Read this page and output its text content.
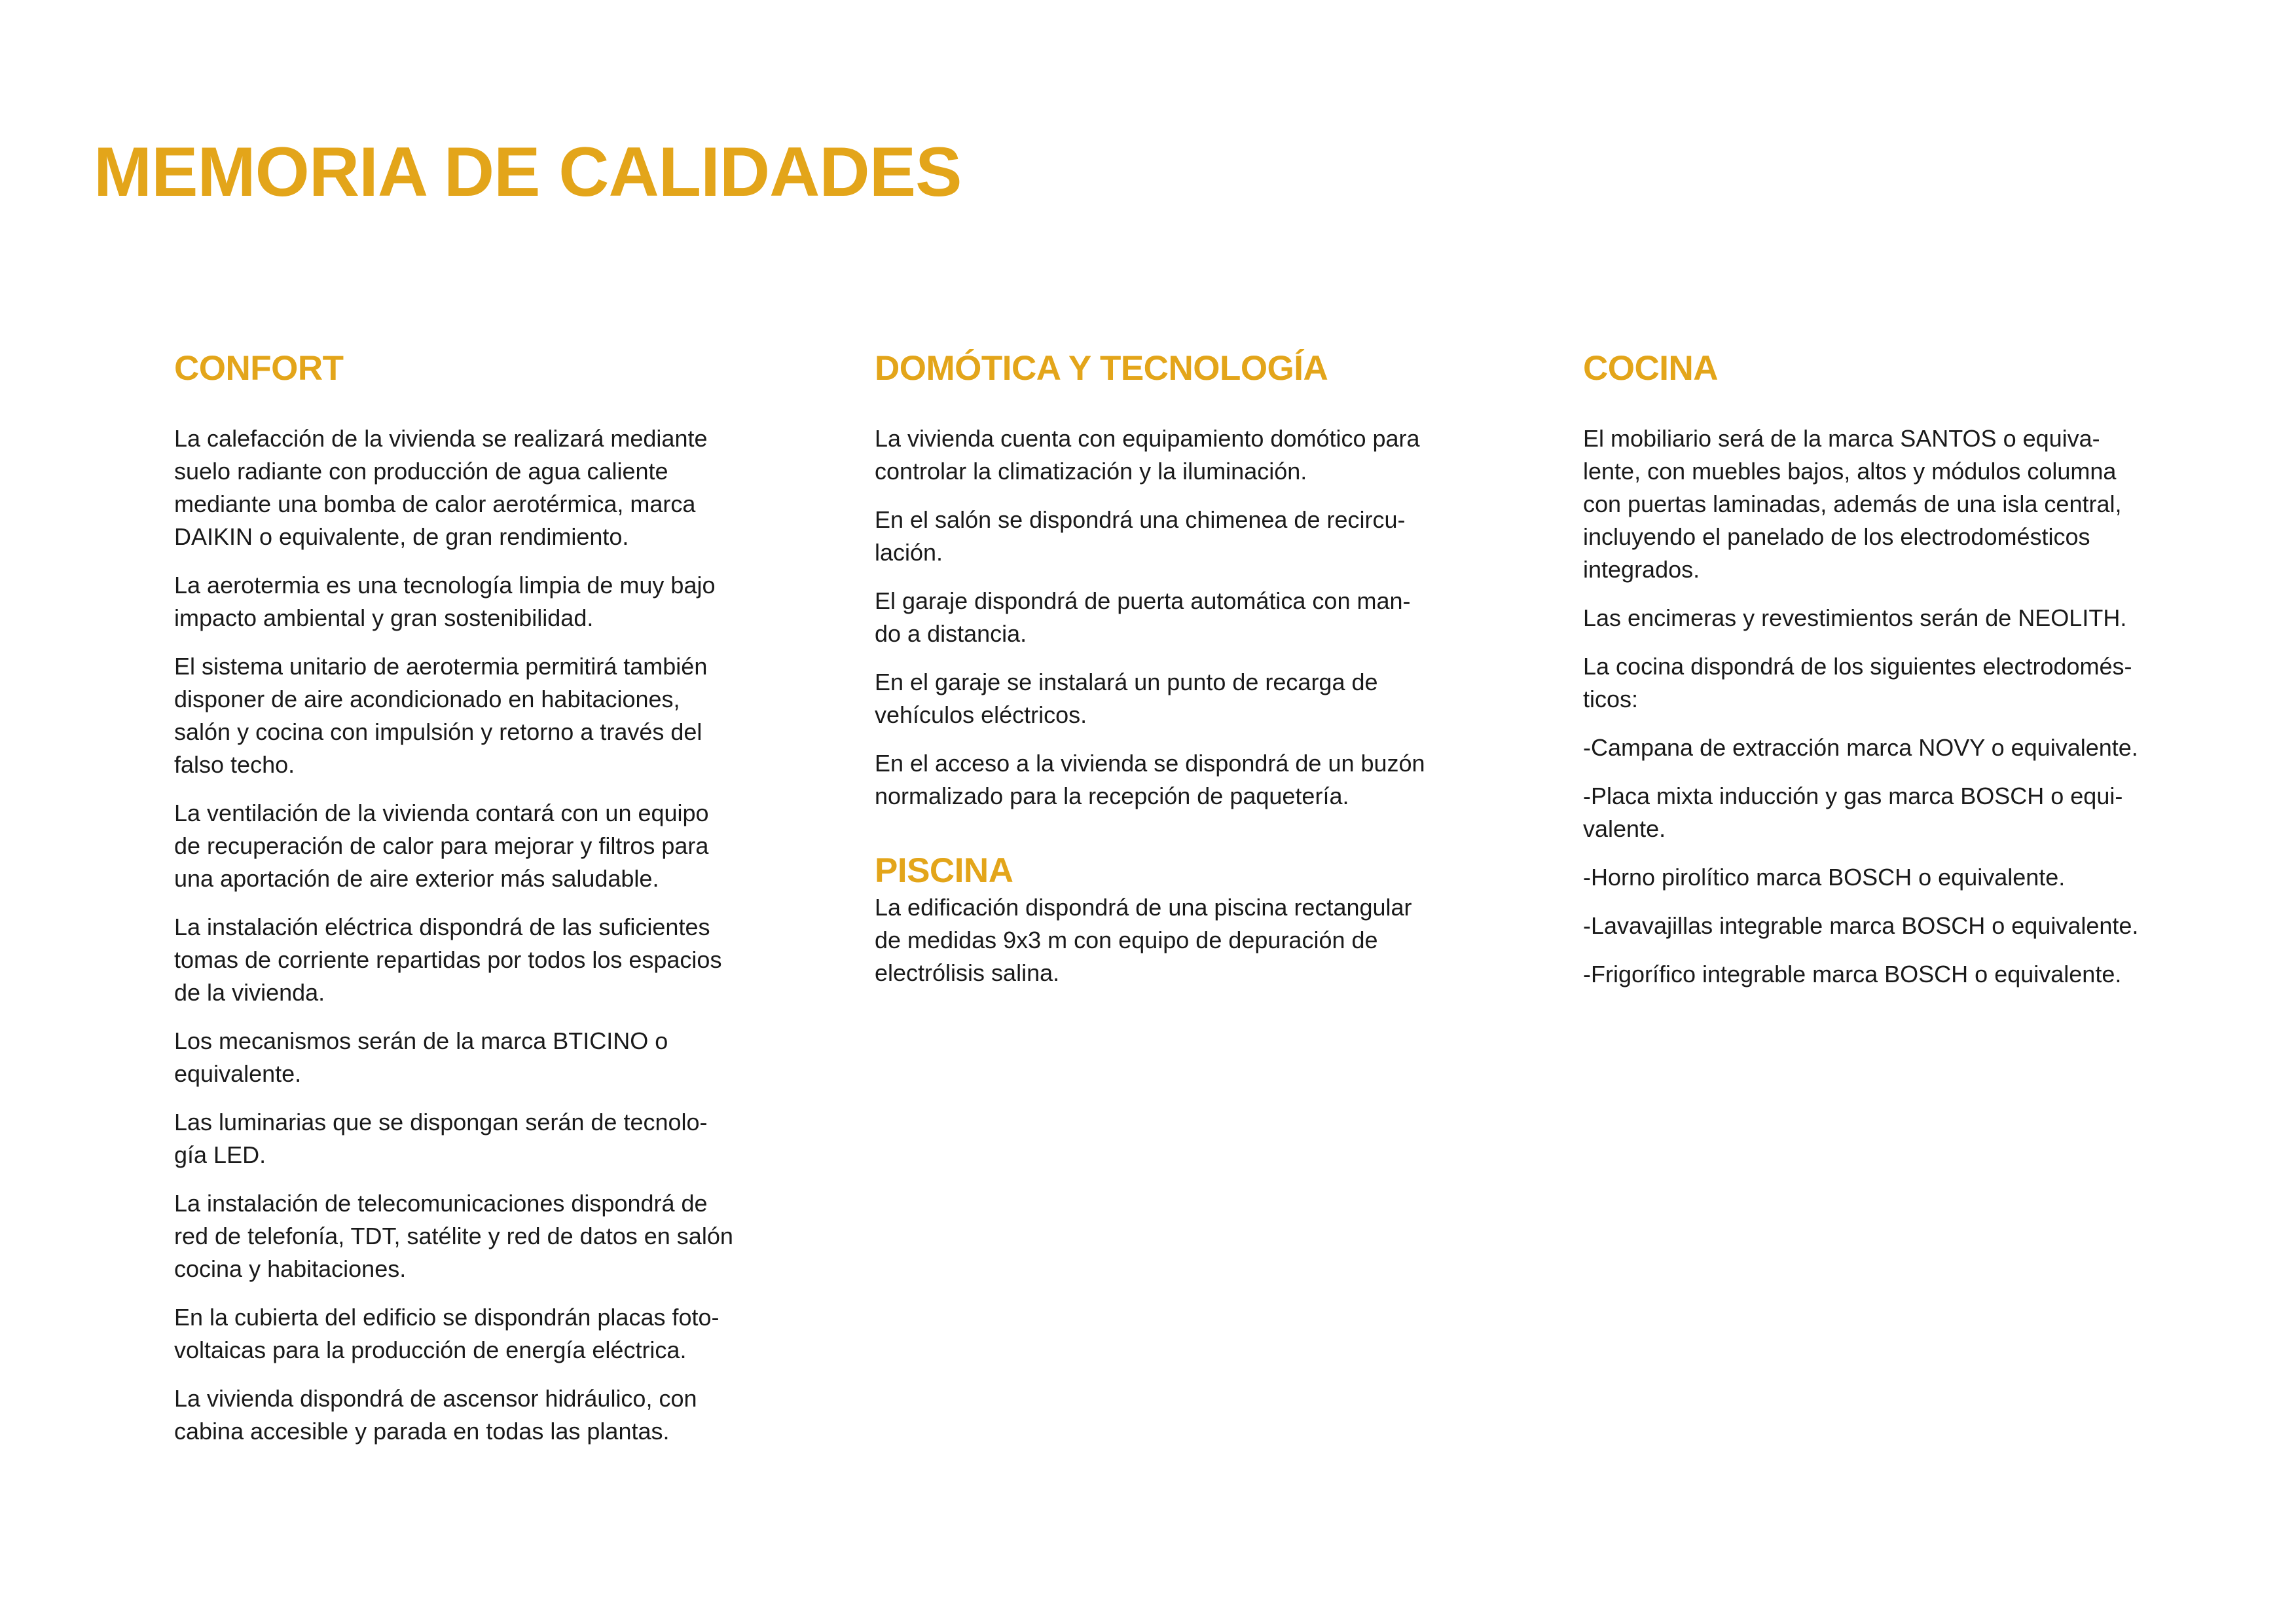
MEMORIA DE CALIDADES
CONFORT

La calefacción de la vivienda se realizará mediante
suelo radiante con producción de agua caliente
mediante una bomba de calor aerotérmica, marca
DAIKIN o equivalente, de gran rendimiento.

La aerotermia es una tecnología limpia de muy bajo
impacto ambiental y gran sostenibilidad.

El sistema unitario de aerotermia permitirá también
disponer de aire acondicionado en habitaciones,
salón y cocina con impulsión y retorno a través del
falso techo.

La ventilación de la vivienda contará con un equipo
de recuperación de calor para mejorar y filtros para
una aportación de aire exterior más saludable.

La instalación eléctrica dispondrá de las suficientes
tomas de corriente repartidas por todos los espacios
de la vivienda.

Los mecanismos serán de la marca BTICINO o
equivalente.

Las luminarias que se dispongan serán de tecnolo-
gía LED.

La instalación de telecomunicaciones dispondrá de
red de telefonía, TDT, satélite y red de datos en salón
cocina y habitaciones.

En la cubierta del edificio se dispondrán placas foto-
voltaicas para la producción de energía eléctrica.

La vivienda dispondrá de ascensor hidráulico, con
cabina accesible y parada en todas las plantas.

DOMÓTICA Y TECNOLOGÍA

La vivienda cuenta con equipamiento domótico para
controlar la climatización y la iluminación.

En el salón se dispondrá una chimenea de recircu-
lación.

El garaje dispondrá de puerta automática con man-
do a distancia.

En el garaje se instalará un punto de recarga de
vehículos eléctricos.

En el acceso a la vivienda se dispondrá de un buzón
normalizado para la recepción de paquetería.

PISCINA

La edificación dispondrá de una piscina rectangular
de medidas 9x3 m con equipo de depuración de
electrólisis salina.

COCINA

El mobiliario será de la marca SANTOS o equiva-
lente, con muebles bajos, altos y módulos columna
con puertas laminadas, además de una isla central,
incluyendo el panelado de los electrodomésticos
integrados.

Las encimeras y revestimientos serán de NEOLITH.

La cocina dispondrá de los siguientes electrodomés-
ticos:

-Campana de extracción marca NOVY o equivalente.

-Placa mixta inducción y gas marca BOSCH o equi-
valente.

-Horno pirolítico marca BOSCH o equivalente.

-Lavavajillas integrable marca BOSCH o equivalente.

-Frigorífico integrable marca BOSCH o equivalente.
